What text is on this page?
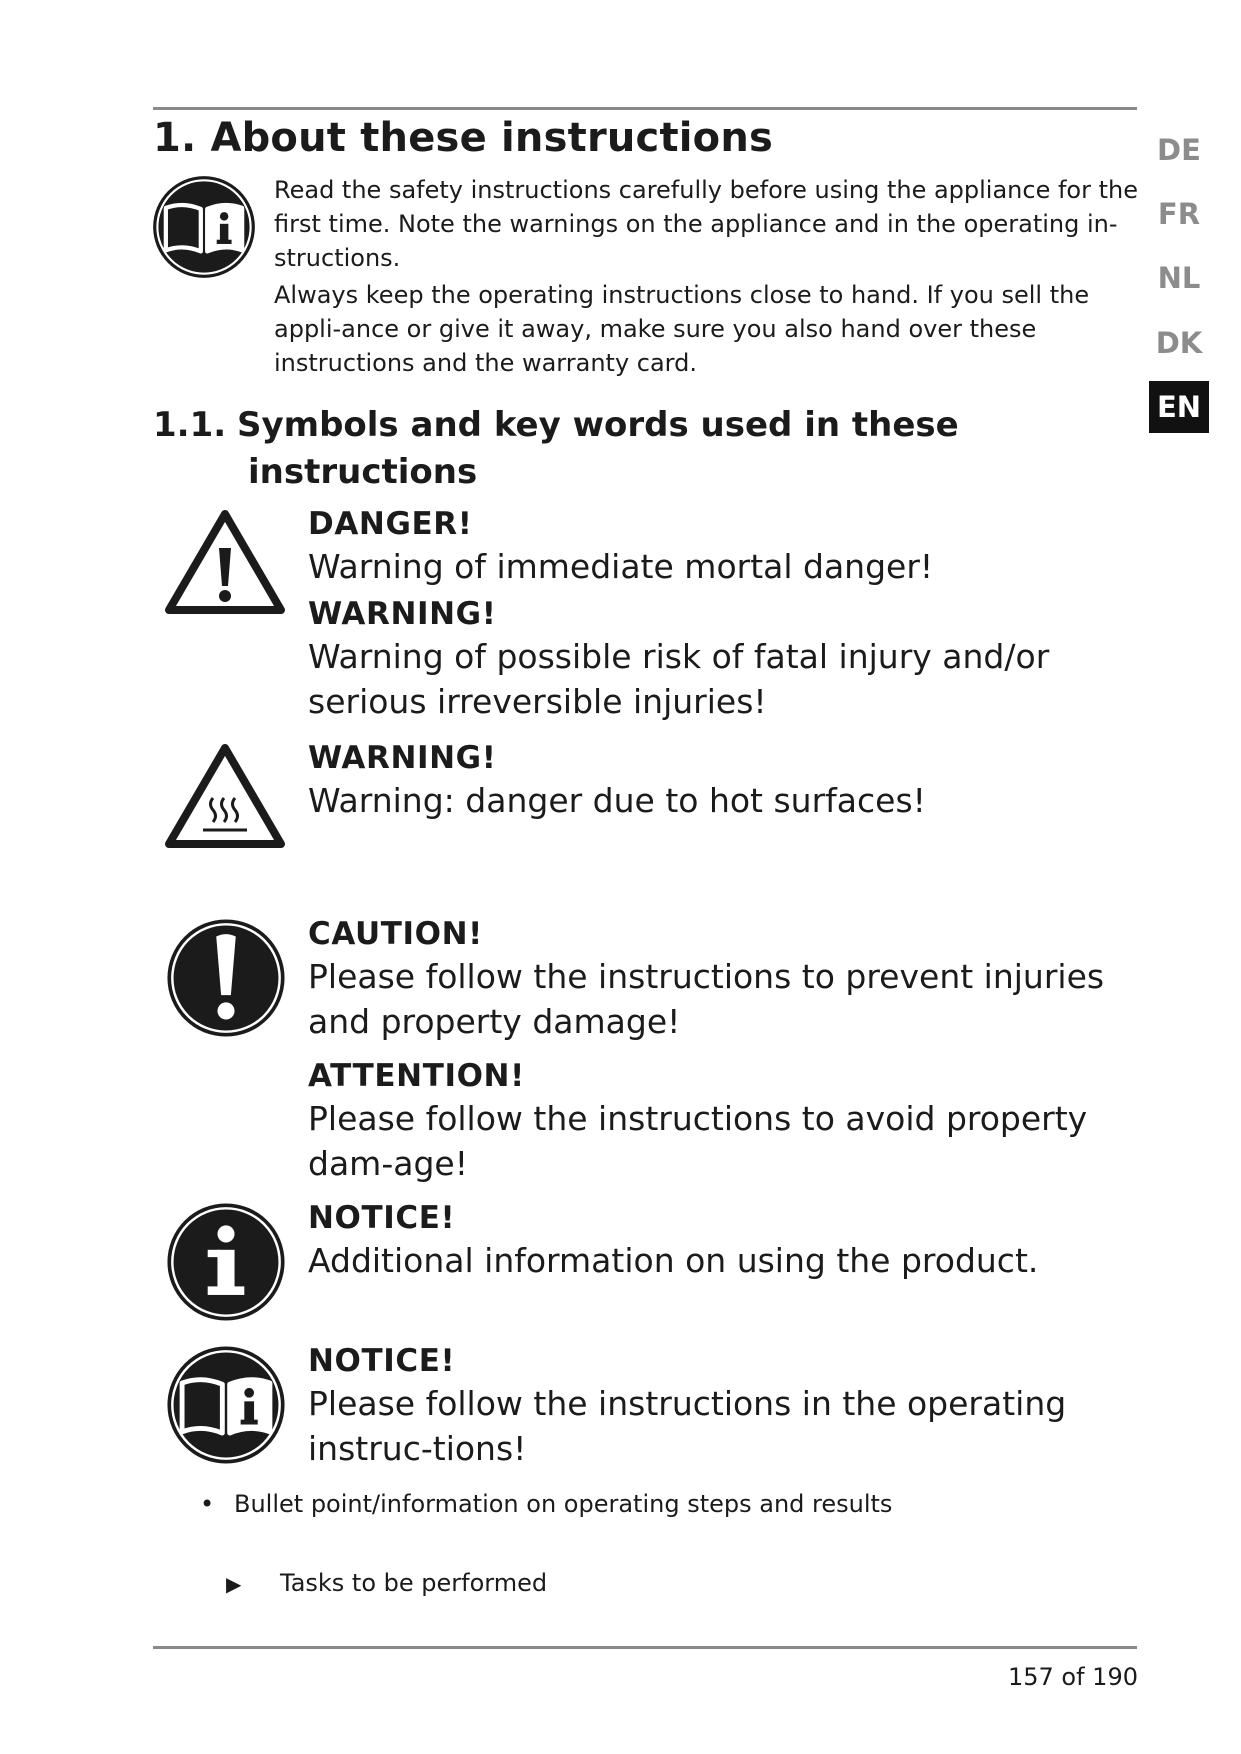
1. About these instructions

Read the safety instructions carefully before using the appliance for the first time. Note the warnings on the appliance and in the operating in-structions.

Always keep the operating instructions close to hand. If you sell the appli-ance or give it away, make sure you also hand over these instructions and the warranty card.

1.1. Symbols and key words used in these
instructions
DANGER!
Warning of immediate mortal danger!
WARNING!
Warning of possible risk of fatal injury and/or serious irreversible injuries!
WARNING!
Warning: danger due to hot surfaces!
CAUTION!
Please follow the instructions to prevent injuries and property damage!
ATTENTION!
Please follow the instructions to avoid property dam-age!
NOTICE!
Additional information on using the product.
NOTICE!
Please follow the instructions in the operating instruc-tions!
• Bullet point/information on operating steps and results
▶ Tasks to be performed
157 of 190
DE
FR
NL
DK
EN
